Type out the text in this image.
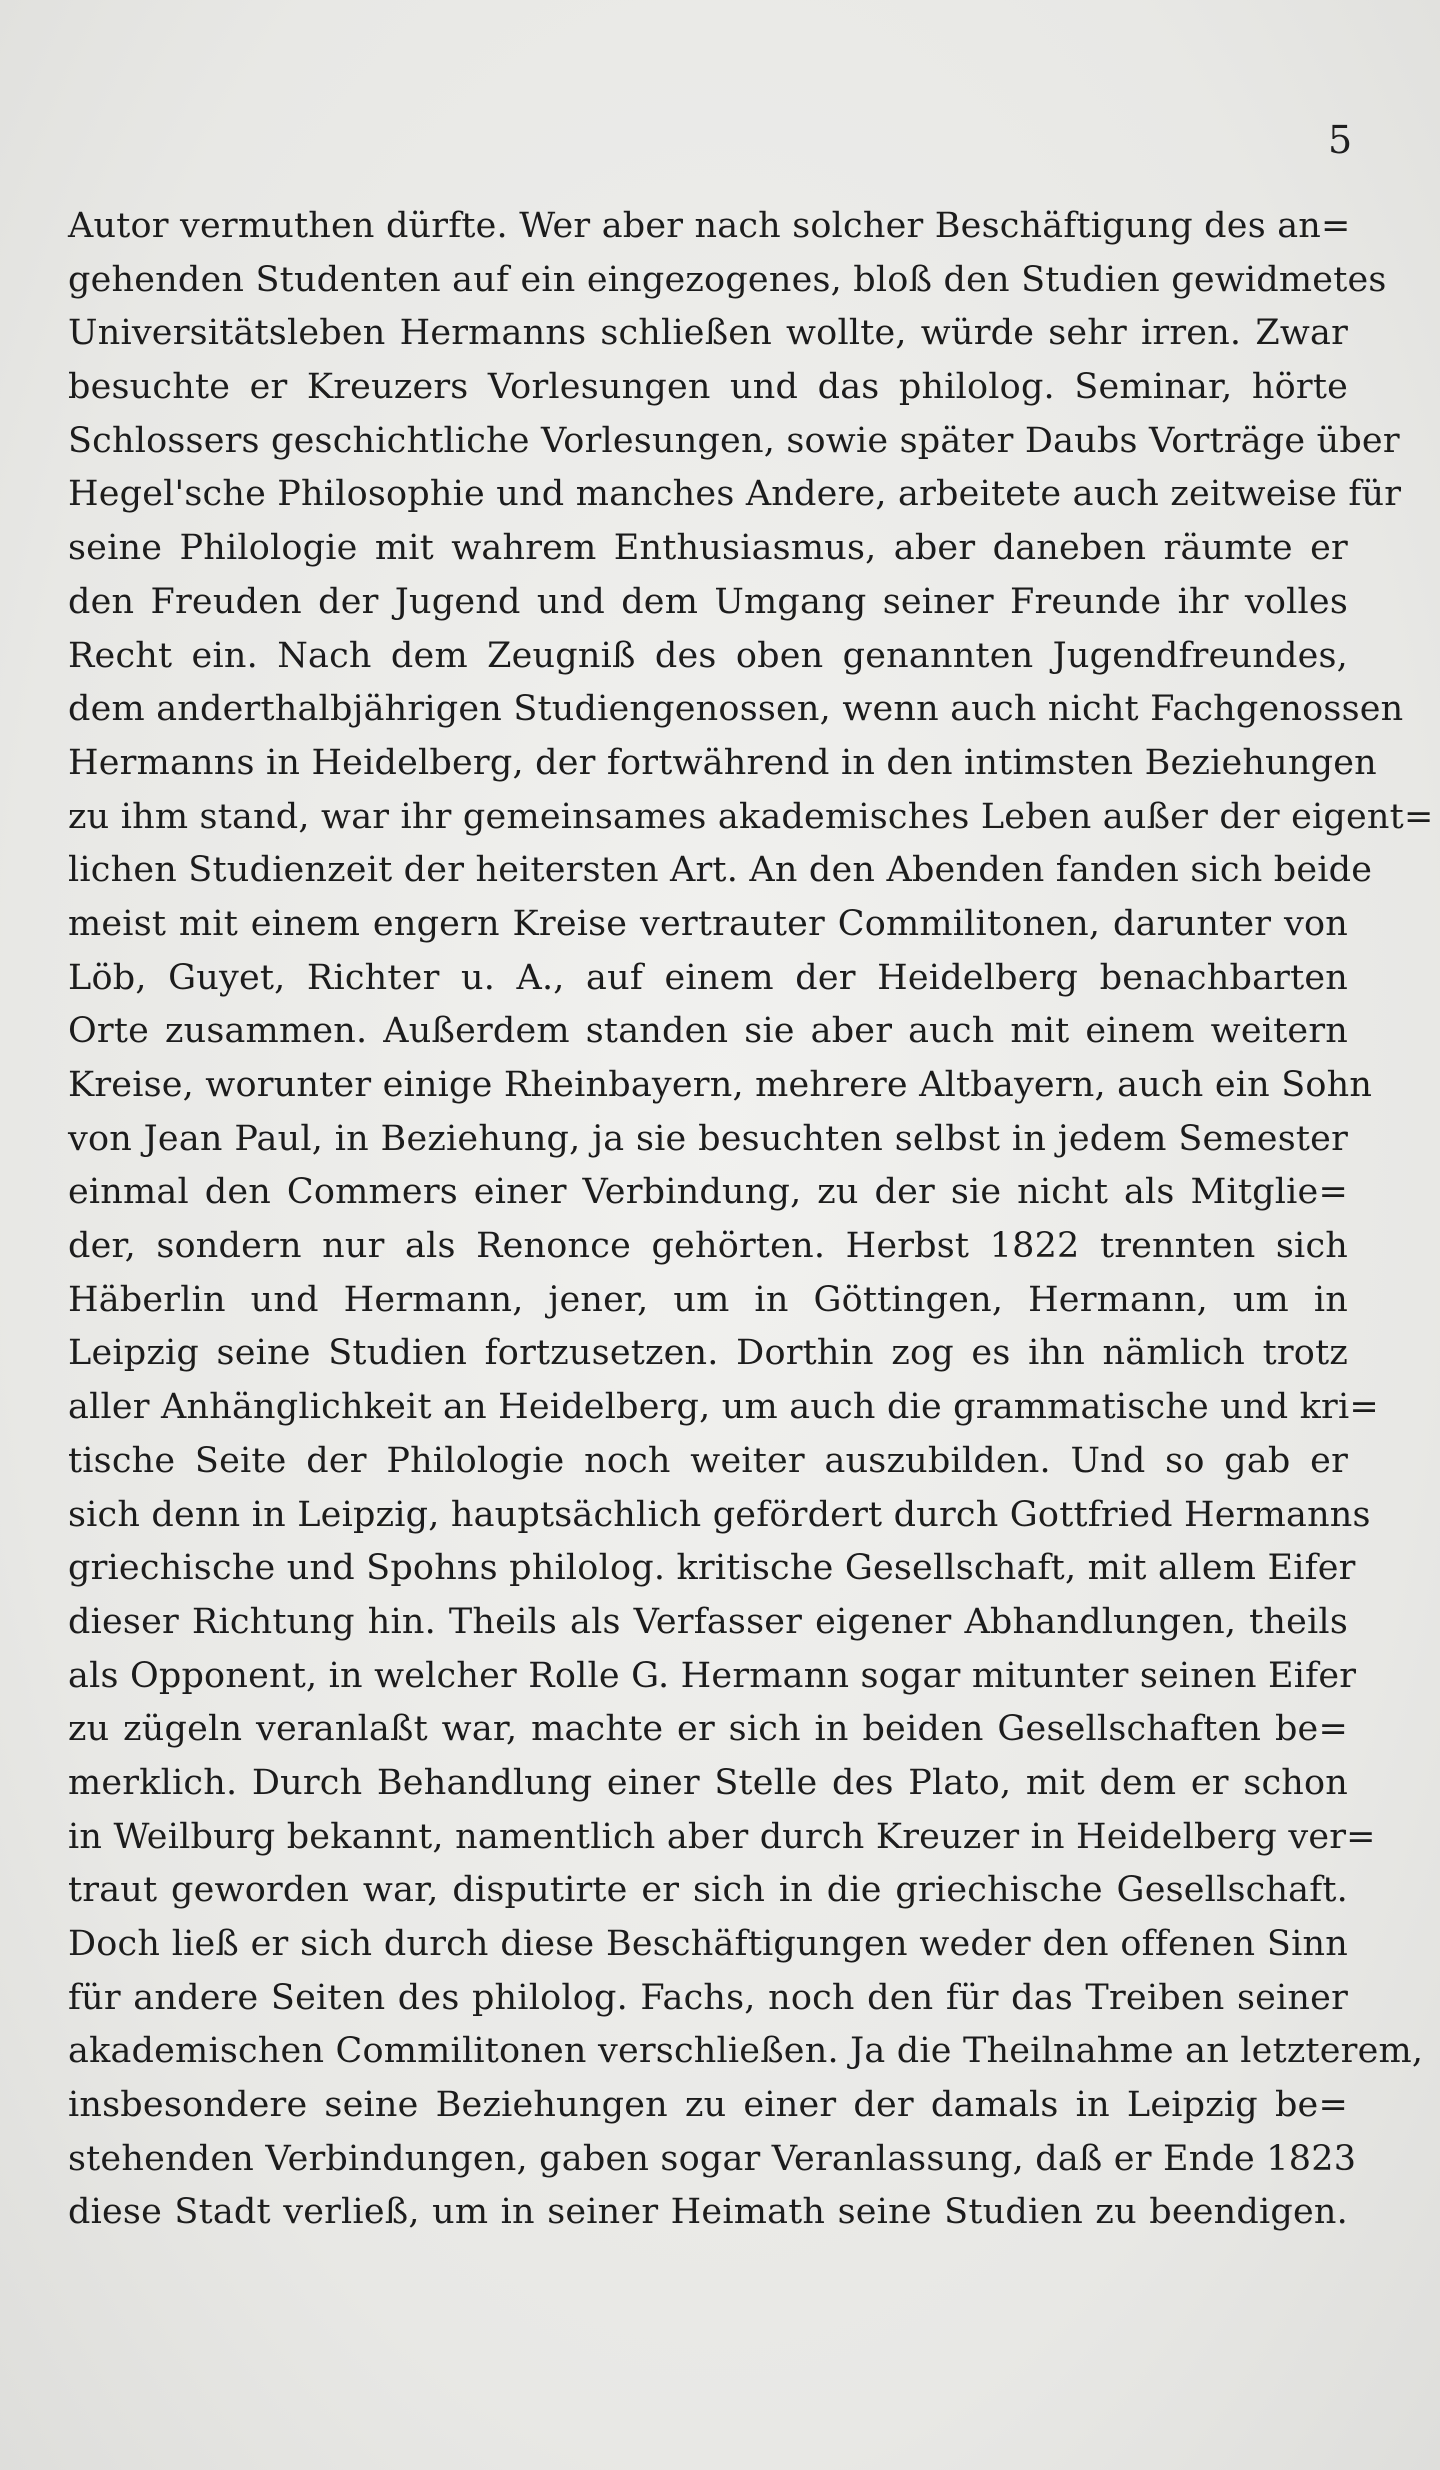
5
Autor vermuthen dürfte. Wer aber nach solcher Beschäftigung des an=
gehenden Studenten auf ein eingezogenes, bloß den Studien gewidmetes
Universitätsleben Hermanns schließen wollte, würde sehr irren. Zwar
besuchte er Kreuzers Vorlesungen und das philolog. Seminar, hörte
Schlossers geschichtliche Vorlesungen, sowie später Daubs Vorträge über
Hegel'sche Philosophie und manches Andere, arbeitete auch zeitweise für
seine Philologie mit wahrem Enthusiasmus, aber daneben räumte er
den Freuden der Jugend und dem Umgang seiner Freunde ihr volles
Recht ein. Nach dem Zeugniß des oben genannten Jugendfreundes,
dem anderthalbjährigen Studiengenossen, wenn auch nicht Fachgenossen
Hermanns in Heidelberg, der fortwährend in den intimsten Beziehungen
zu ihm stand, war ihr gemeinsames akademisches Leben außer der eigent=
lichen Studienzeit der heitersten Art. An den Abenden fanden sich beide
meist mit einem engern Kreise vertrauter Commilitonen, darunter von
Löb, Guyet, Richter u. A., auf einem der Heidelberg benachbarten
Orte zusammen. Außerdem standen sie aber auch mit einem weitern
Kreise, worunter einige Rheinbayern, mehrere Altbayern, auch ein Sohn
von Jean Paul, in Beziehung, ja sie besuchten selbst in jedem Semester
einmal den Commers einer Verbindung, zu der sie nicht als Mitglie=
der, sondern nur als Renonce gehörten. Herbst 1822 trennten sich
Häberlin und Hermann, jener, um in Göttingen, Hermann, um in
Leipzig seine Studien fortzusetzen. Dorthin zog es ihn nämlich trotz
aller Anhänglichkeit an Heidelberg, um auch die grammatische und kri=
tische Seite der Philologie noch weiter auszubilden. Und so gab er
sich denn in Leipzig, hauptsächlich gefördert durch Gottfried Hermanns
griechische und Spohns philolog. kritische Gesellschaft, mit allem Eifer
dieser Richtung hin. Theils als Verfasser eigener Abhandlungen, theils
als Opponent, in welcher Rolle G. Hermann sogar mitunter seinen Eifer
zu zügeln veranlaßt war, machte er sich in beiden Gesellschaften be=
merklich. Durch Behandlung einer Stelle des Plato, mit dem er schon
in Weilburg bekannt, namentlich aber durch Kreuzer in Heidelberg ver=
traut geworden war, disputirte er sich in die griechische Gesellschaft.
Doch ließ er sich durch diese Beschäftigungen weder den offenen Sinn
für andere Seiten des philolog. Fachs, noch den für das Treiben seiner
akademischen Commilitonen verschließen. Ja die Theilnahme an letzterem,
insbesondere seine Beziehungen zu einer der damals in Leipzig be=
stehenden Verbindungen, gaben sogar Veranlassung, daß er Ende 1823
diese Stadt verließ, um in seiner Heimath seine Studien zu beendigen.
